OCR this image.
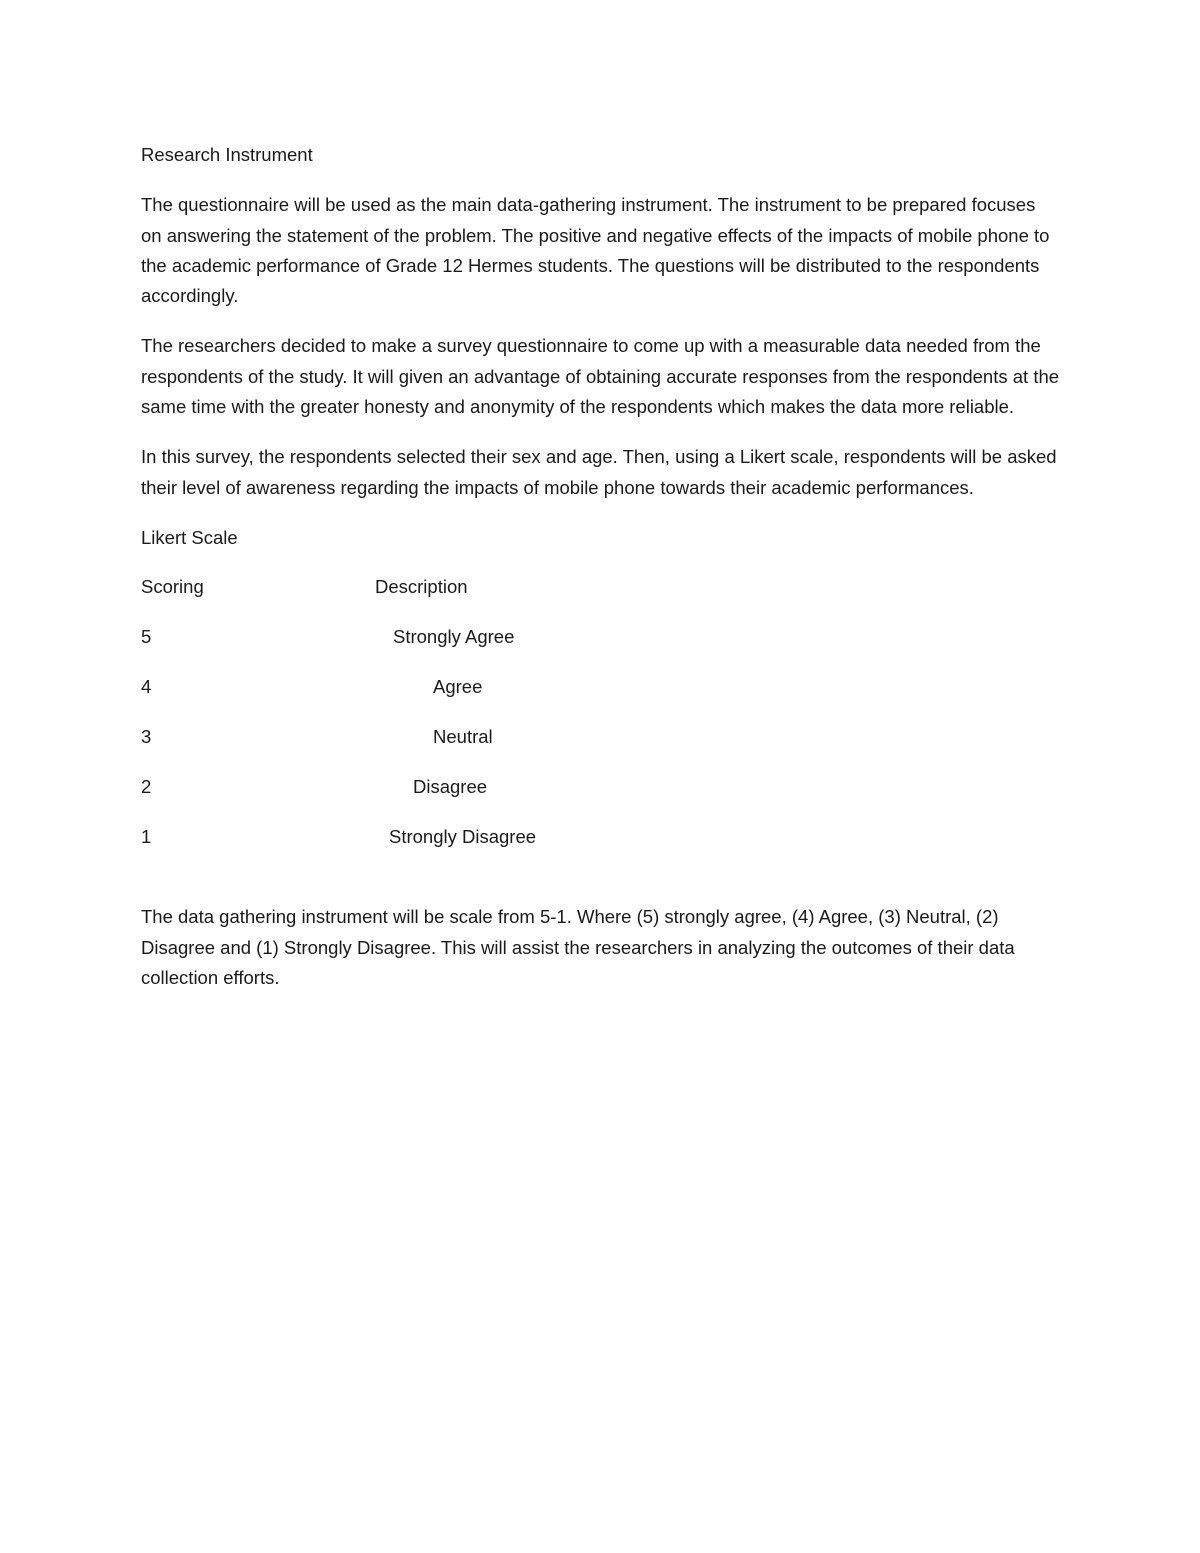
Research Instrument
The questionnaire will be used as the main data-gathering instrument. The instrument to be prepared focuses on answering the statement of the problem. The positive and negative effects of the impacts of mobile phone to the academic performance of Grade 12 Hermes students. The questions will be distributed to the respondents accordingly.
The researchers decided to make a survey questionnaire to come up with a measurable data needed from the respondents of the study. It will given an advantage of obtaining accurate responses from the respondents at the same time with the greater honesty and anonymity of the respondents which makes the data more reliable.
In this survey, the respondents selected their sex and age. Then, using a Likert scale, respondents will be asked their level of awareness regarding the impacts of mobile phone towards their academic performances.
Likert Scale
Scoring	Description
5	Strongly Agree
4	Agree
3	Neutral
2	Disagree
1	Strongly Disagree
The data gathering instrument will be scale from 5-1. Where (5) strongly agree, (4) Agree, (3) Neutral, (2) Disagree and (1) Strongly Disagree. This will assist the researchers in analyzing the outcomes of their data collection efforts.
